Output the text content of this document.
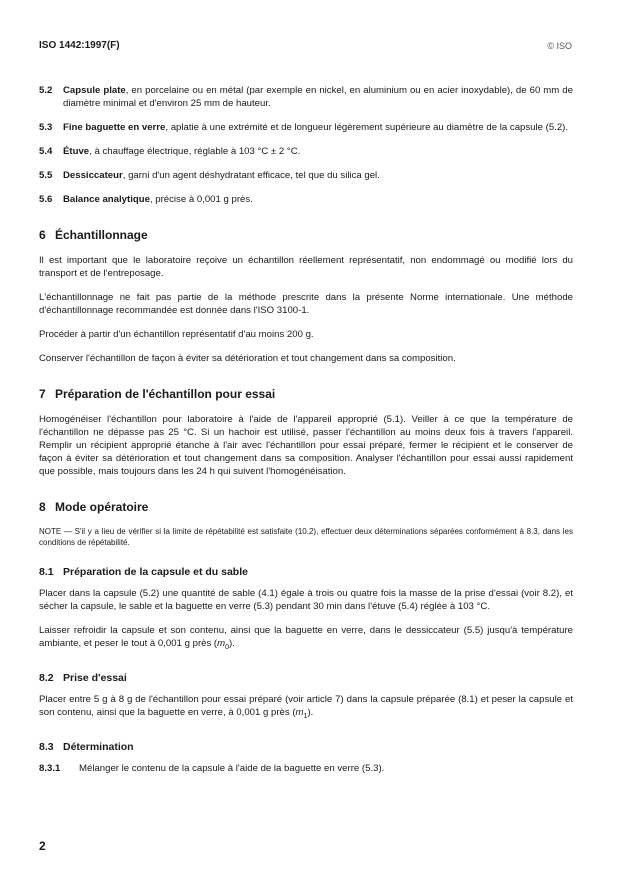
ISO 1442:1997(F)	© ISO

5.2	Capsule plate, en porcelaine ou en métal (par exemple en nickel, en aluminium ou en acier inoxydable), de 60 mm de diamètre minimal et d'environ 25 mm de hauteur.

5.3	Fine baguette en verre, aplatie à une extrémité et de longueur légèrement supérieure au diamètre de la capsule (5.2).

5.4	Étuve, à chauffage électrique, réglable à 103 °C ± 2 °C.

5.5	Dessiccateur, garni d'un agent déshydratant efficace, tel que du silica gel.

5.6	Balance analytique, précise à 0,001 g près.

6 Échantillonnage

Il est important que le laboratoire reçoive un échantillon réellement représentatif, non endommagé ou modifié lors du transport et de l'entreposage.

L'échantillonnage ne fait pas partie de la méthode prescrite dans la présente Norme internationale. Une méthode d'échantillonnage recommandée est donnée dans l'ISO 3100-1.

Procéder à partir d'un échantillon représentatif d'au moins 200 g.

Conserver l'échantillon de façon à éviter sa détérioration et tout changement dans sa composition.

7 Préparation de l'échantillon pour essai

Homogénéiser l'échantillon pour laboratoire à l'aide de l'appareil approprié (5.1). Veiller à ce que la température de l'échantillon ne dépasse pas 25 °C. Si un hachoir est utilisé, passer l'échantillon au moins deux fois à travers l'appareil. Remplir un récipient approprié étanche à l'air avec l'échantillon pour essai préparé, fermer le récipient et le conserver de façon à éviter sa détérioration et tout changement dans sa composition. Analyser l'échantillon pour essai aussi rapidement que possible, mais toujours dans les 24 h qui suivent l'homogénéisation.

8 Mode opératoire

NOTE — S'il y a lieu de vérifier si la limite de répétabilité est satisfaite (10.2), effectuer deux déterminations séparées conformément à 8.3, dans les conditions de répétabilité.

8.1 Préparation de la capsule et du sable

Placer dans la capsule (5.2) une quantité de sable (4.1) égale à trois ou quatre fois la masse de la prise d'essai (voir 8.2), et sécher la capsule, le sable et la baguette en verre (5.3) pendant 30 min dans l'étuve (5.4) réglée à 103 °C.

Laisser refroidir la capsule et son contenu, ainsi que la baguette en verre, dans le dessiccateur (5.5) jusqu'à température ambiante, et peser le tout à 0,001 g près $(m_0)$.

8.2 Prise d'essai

Placer entre 5 g à 8 g de l'échantillon pour essai préparé (voir article 7) dans la capsule préparée (8.1) et peser la capsule et son contenu, ainsi que la baguette en verre, à 0,001 g près $(m_1)$.

8.3 Détermination

8.3.1	Mélanger le contenu de la capsule à l'aide de la baguette en verre (5.3).

2
